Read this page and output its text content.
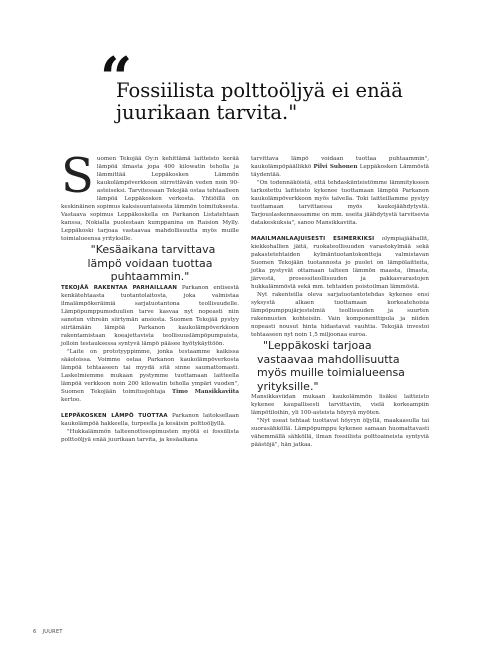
“
Fossiilista polttoöljyä ei enää juurikaan tarvita."

Suomen Tekojää Oy:n kehittämä laitteisto kerää lämpöä ilmasta jopa 400 kilowatin teholla ja lämmittää Leppäkosken Lämmön kaukolämpöverkkoon siirrettävän veden noin 90-asteiseksi. Tarvitessaan Tekojää ostaa tehtaalleen lämpöä Leppäkosken verkosta. Yhtiöillä on keskinäinen sopimus kaksisuuntaisesta lämmön toimituksesta. Vastaava sopimus Leppäkoskella on Parkanon Listatehtaan kanssa, Nokialla puolestaan kumppanina on Raision Mylly. Leppäkoski tarjoaa vastaavaa mahdollisuutta myös muille toimialueensa yrityksille.

"Kesäaikana tarvittava lämpö voidaan tuottaa puhtaammin."

TEKOJÄÄ RAKENTAA PARHAILLAAN Parkanon entisestä kenkätehtaasta tuotantolaitosta, joka valmistaa ilmalämpökeräimiä sarjatuotantona teollisuudelle. Lämpöpumppumoduulien tarve kasvaa nyt nopeasti niin sanotun vihreän siirtymän ansiosta. Suomen Tekojää pystyy siirtämään lämpöä Parkanon kaukolämpöverkkoon rakentamistaan koeajettavista teollisuuslämpöpumpuista, jolloin testauksessa syntyvä lämpö pääsee hyötykäyttöön.

"Laite on prototyyppimme, jonka testaamme kaikissa sääoloissa. Voimme ostaa Parkanon kaukolämpöverkosta lämpöä tehtaaseen tai myydä sitä sinne saumattomasti. Laskelmiemme mukaan pystymme tuottamaan laitteella lämpöä verkkoon noin 200 kilowatin teholla ympäri vuoden", Suomen Tekojään toimitusjohtaja Timo Mansikkaviita kertoo.

LEPPÄKOSKEN LÄMPÖ TUOTTAA Parkanon laitoksellaan kaukolämpöä hakkeella, turpeella ja kesäisin polttoöljyllä.

"Hukkalämmön talteenottosopimusten myötä ei fossiilista polttoöljyä enää juurikaan tarvita, ja kesäaikana

tarvittava lämpö voidaan tuottaa puhtaammin", kaukolämpöpäällikkö Pilvi Suhonen Leppäkosken Lämmöstä täydentää.

"On todennäköistä, että tehdaskiinteistömme lämmitykseen tarkoitettu laitteisto kykenee tuottamaan lämpöä Parkanon kaukolämpöverkkoon myös talvella. Toki laitteillamme pystyy tuottamaan tarvittaessa myös kaukojäähdytystä. Tarjouslaskennassamme on mm. useita jäähdytystä tarvitsevia datakeskuksia", sanoo Mansikkaviita.

MAAILMANLAAJUISESTI ESIMERKIKSI olympiajäähallit, kiekkohallien jäitä, ruokateollisuuden varastokylmää sekä pakastetehtaiden kylmäntuotantokontteja valmistavan Suomen Tekojään tuotannosta jo puolet on lämpölaitteita, jotka pystyvät ottamaan talteen lämmön maasta, ilmasta, järvestä, prosessiteollisuuden ja pakkasvarastojen hukkalämmöstä sekä mm. tehtaiden poistoilman lämmöstä.

Nyt rakenteilla oleva sarjatuotantotehdas kykenee ensi syksystä alkaen tuottamaan korkeatehoisia lämpöpumppujärjestelmiä teollisuuden ja suurten rakennusten kohteisiin. Vain komponenttipula ja niiden nopeasti nousut hinta hidastavat vauhtia. Tekojää investoi tehtaaseen nyt noin 1,5 miljoonaa euroa.

"Leppäkoski tarjoaa vastaavaa mahdollisuutta myös muille toimialueensa yrityksille."

Mansikkaviidan mukaan kaukolämmön lisäksi laitteisto kykenee kaupallisesti tarvittaviin, vielä korkeampiin lämpötiloihin, yli 100-asteista höyryä myöten.

"Nyt useat tehtaat tuottavat höyryn öljyllä, maakaasulla tai suorasähköllä. Lämpöpumppu kykenee samaan huomattavasti vähemmällä sähköllä, ilman fossiilista polttoaineista syntyviä päästöjä", hän jatkaa.

6 JUURET
